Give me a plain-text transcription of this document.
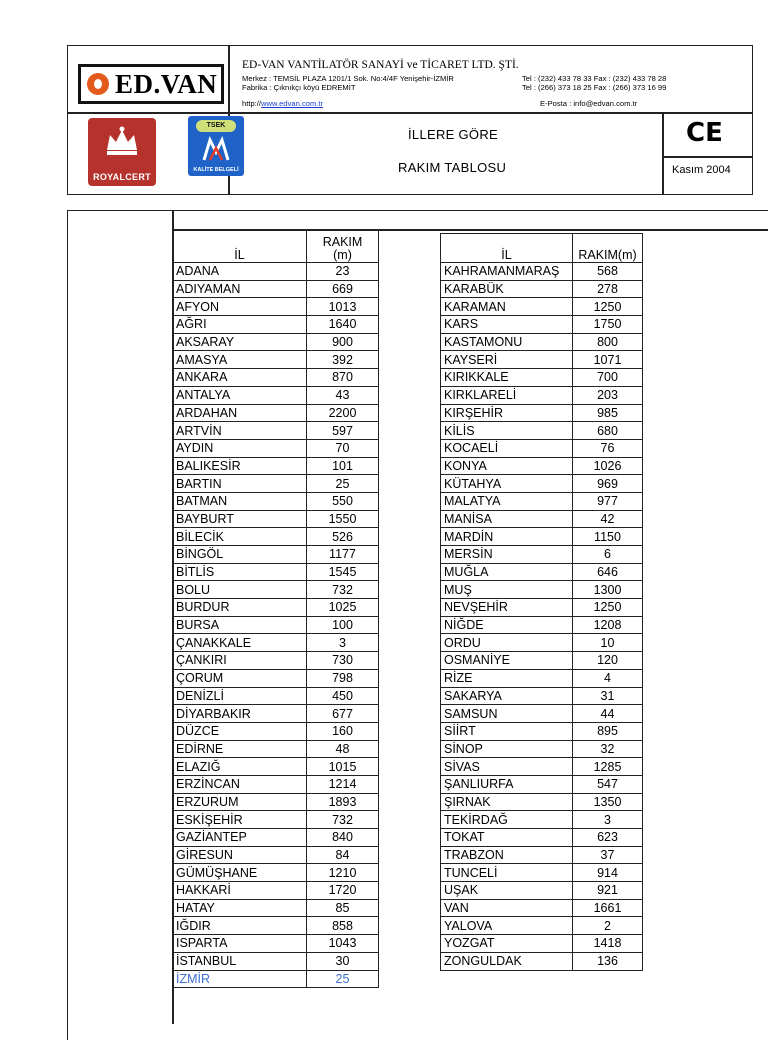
ED.VAN
ED-VAN VANTİLATÖR SANAYİ ve TİCARET LTD. ŞTİ.
Merkez : TEMSİL PLAZA 1201/1 Sok. No:4/4F Yenişehir-İZMİR
Fabrika : Çıknıkçı köyü EDREMİT
http://www.edvan.com.tr
Tel : (232) 433 78 33 Fax : (232) 433 78 28
Tel : (266) 373 18 25 Fax : (266) 373 16 99
E-Posta : info@edvan.com.tr
ROYALCERT
TSEK
KALİTE BELGELİ
İLLERE GÖRE
RAKIM TABLOSU
CE
Kasım 2004
İL	RAKIM
(m)
ADANA	23
ADIYAMAN	669
AFYON	1013
AĞRI	1640
AKSARAY	900
AMASYA	392
ANKARA	870
ANTALYA	43
ARDAHAN	2200
ARTVİN	597
AYDIN	70
BALIKESİR	101
BARTIN	25
BATMAN	550
BAYBURT	1550
BİLECİK	526
BİNGÖL	1177
BİTLİS	1545
BOLU	732
BURDUR	1025
BURSA	100
ÇANAKKALE	3
ÇANKIRI	730
ÇORUM	798
DENİZLİ	450
DİYARBAKIR	677
DÜZCE	160
EDİRNE	48
ELAZIĞ	1015
ERZİNCAN	1214
ERZURUM	1893
ESKİŞEHİR	732
GAZİANTEP	840
GİRESUN	84
GÜMÜŞHANE	1210
HAKKARİ	1720
HATAY	85
IĞDIR	858
ISPARTA	1043
İSTANBUL	30
İZMİR	25
İL	RAKIM(m)
KAHRAMANMARAŞ	568
KARABÜK	278
KARAMAN	1250
KARS	1750
KASTAMONU	800
KAYSERİ	1071
KIRIKKALE	700
KIRKLARELİ	203
KIRŞEHİR	985
KİLİS	680
KOCAELİ	76
KONYA	1026
KÜTAHYA	969
MALATYA	977
MANİSA	42
MARDİN	1150
MERSİN	6
MUĞLA	646
MUŞ	1300
NEVŞEHİR	1250
NİĞDE	1208
ORDU	10
OSMANİYE	120
RİZE	4
SAKARYA	31
SAMSUN	44
SİİRT	895
SİNOP	32
SİVAS	1285
ŞANLIURFA	547
ŞIRNAK	1350
TEKİRDAĞ	3
TOKAT	623
TRABZON	37
TUNCELİ	914
UŞAK	921
VAN	1661
YALOVA	2
YOZGAT	1418
ZONGULDAK	136
